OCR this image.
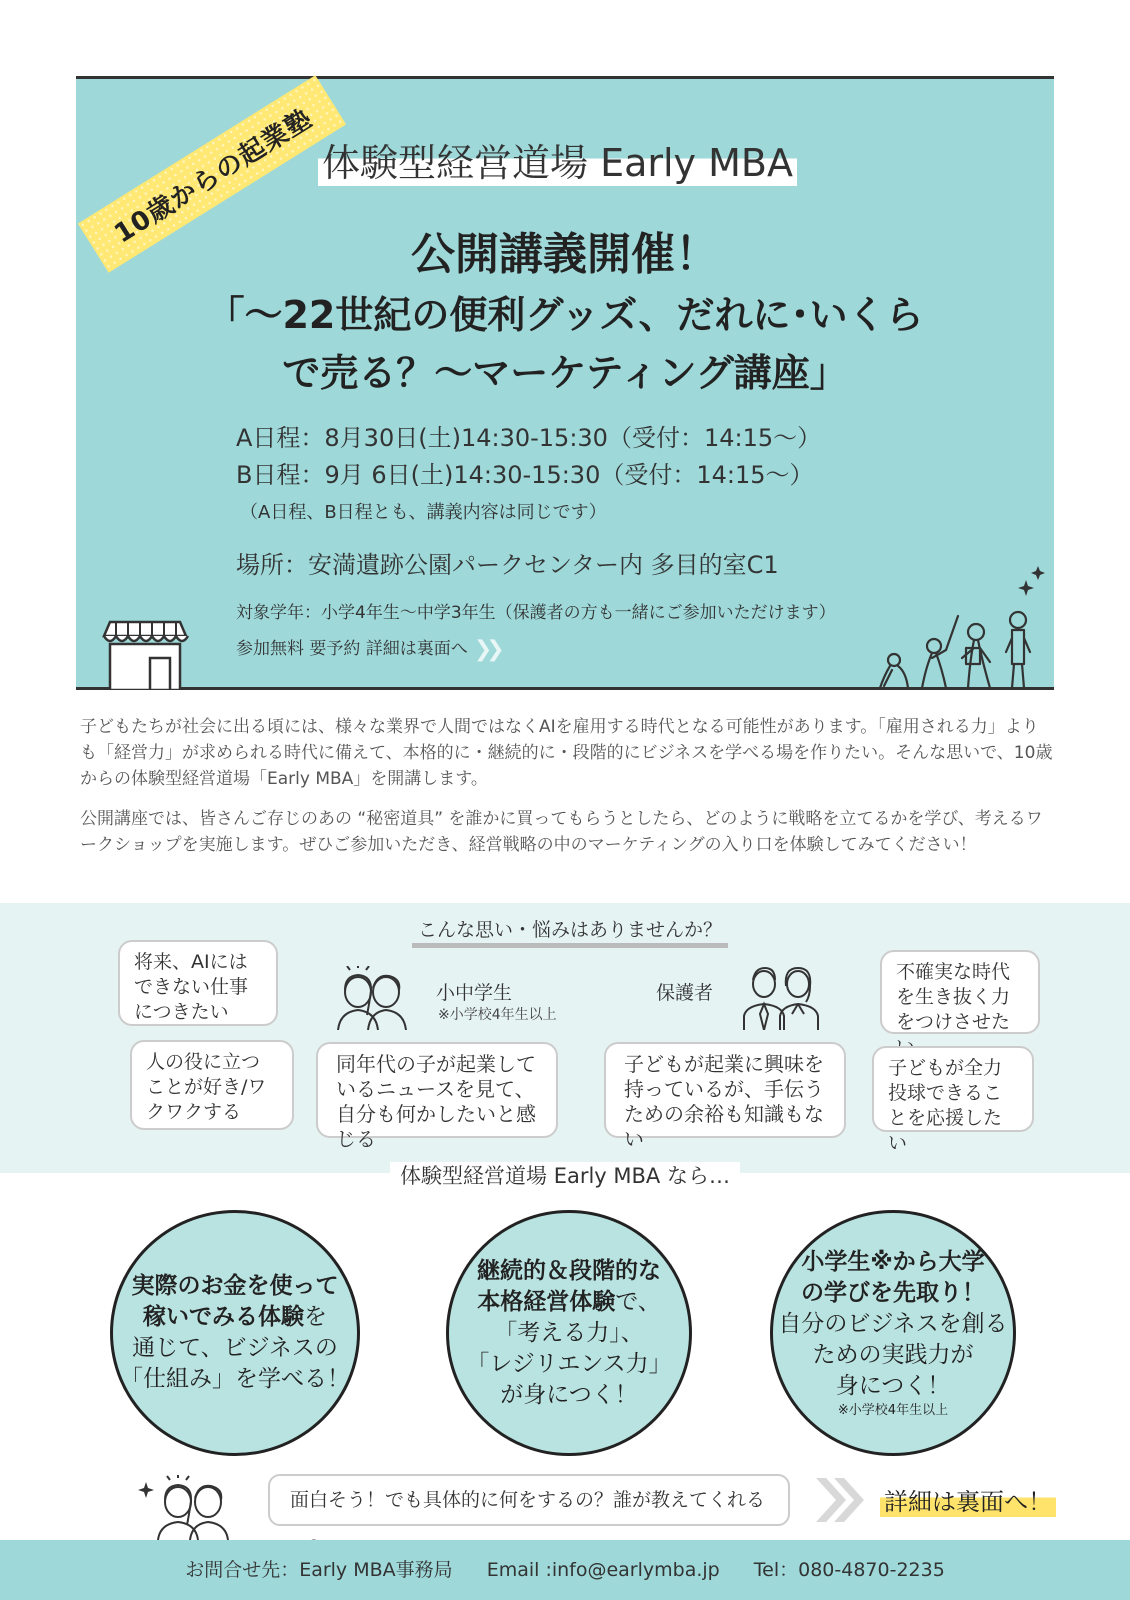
10歳からの起業塾 体験型経営道場 Early MBA
公開講義開催！
「～22世紀の便利グッズ、だれに･いくら
で売る？～マーケティング講座」
A日程：8月30日(土)14:30-15:30（受付：14:15～）
B日程：9月 6日(土)14:30-15:30（受付：14:15～）
（A日程、B日程とも、講義内容は同じです）
場所：安満遺跡公園パークセンター内 多目的室C1
対象学年：小学4年生～中学3年生（保護者の方も一緒にご参加いただけます）
参加無料 要予約 詳細は裏面へ ❯❯

子どもたちが社会に出る頃には、様々な業界で人間ではなくAIを雇用する時代となる可能性があります。「雇用される力」よりも「経営力」が求められる時代に備えて、本格的に・継続的に・段階的にビジネスを学べる場を作りたい。そんな思いで、10歳からの体験型経営道場「Early MBA」を開講します。

公開講座では、皆さんご存じのあの “秘密道具” を誰かに買ってもらうとしたら、どのように戦略を立てるかを学び、考えるワークショップを実施します。ぜひご参加いただき、経営戦略の中のマーケティングの入り口を体験してみてください！

こんな思い・悩みはありませんか？
将来、AIにはできない仕事につきたい
人の役に立つことが好き/ワクワクする
同年代の子が起業しているニュースを見て、自分も何かしたいと感じる
子どもが起業に興味を持っているが、手伝うための余裕も知識もない
不確実な時代を生き抜く力をつけさせた
子どもが全力投球できることを応援したい
小中学生
※小学校4年生以上
保護者
体験型経営道場 Early MBA なら…
実際のお金を使って
稼いでみる体験を
通じて、ビジネスの
「仕組み」を学べる！
継続的＆段階的な
本格経営体験で、
「考える力」、
「レジリエンス力」
が身につく！
小学生※から大学
の学びを先取り！
自分のビジネスを創る
ための実践力が
身につく！
※小学校4年生以上
面白そう！でも具体的に何をするの？誰が教えてくれる	詳細は裏面へ！
お問合せ先：Early MBA事務局 Email :info@earlymba.jp Tel：080-4870-2235
